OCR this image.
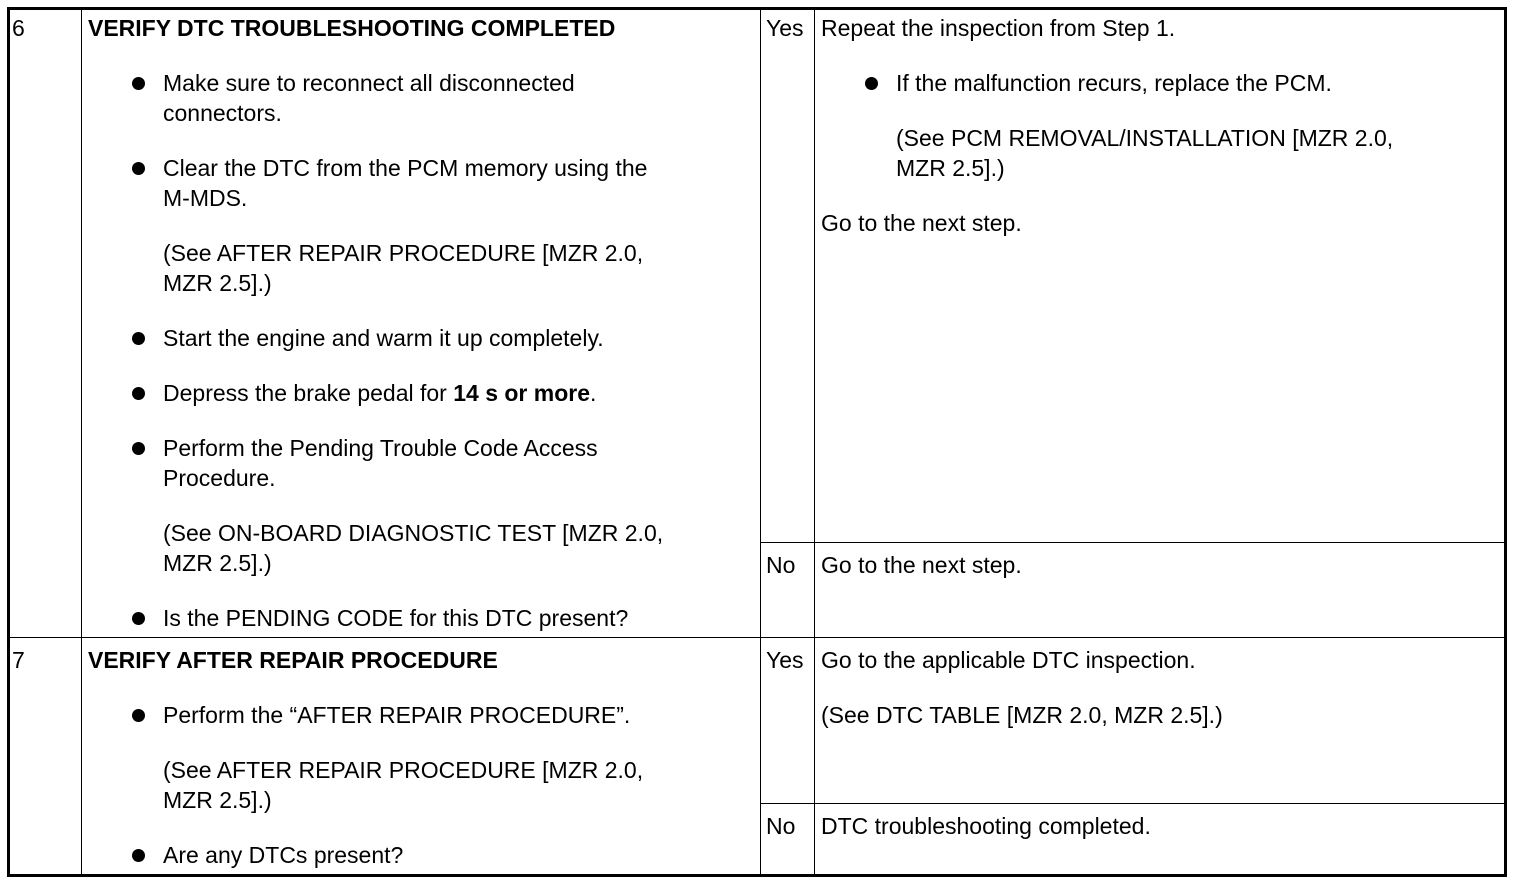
6	VERIFY DTC TROUBLESHOOTING COMPLETED
Make sure to reconnect all disconnected
connectors.
Clear the DTC from the PCM memory using the
M-MDS.
(See AFTER REPAIR PROCEDURE [MZR 2.0,
MZR 2.5].)
Start the engine and warm it up completely.
Depress the brake pedal for 14 s or more.
Perform the Pending Trouble Code Access
Procedure.
(See ON-BOARD DIAGNOSTIC TEST [MZR 2.0,
MZR 2.5].)
Is the PENDING CODE for this DTC present?
Yes Repeat the inspection from Step 1.
If the malfunction recurs, replace the PCM.
(See PCM REMOVAL/INSTALLATION [MZR 2.0,
MZR 2.5].)
Go to the next step.
No Go to the next step.
7	VERIFY AFTER REPAIR PROCEDURE
Perform the “AFTER REPAIR PROCEDURE”.
(See AFTER REPAIR PROCEDURE [MZR 2.0,
MZR 2.5].)
Are any DTCs present?
Yes Go to the applicable DTC inspection.
(See DTC TABLE [MZR 2.0, MZR 2.5].)
No DTC troubleshooting completed.
